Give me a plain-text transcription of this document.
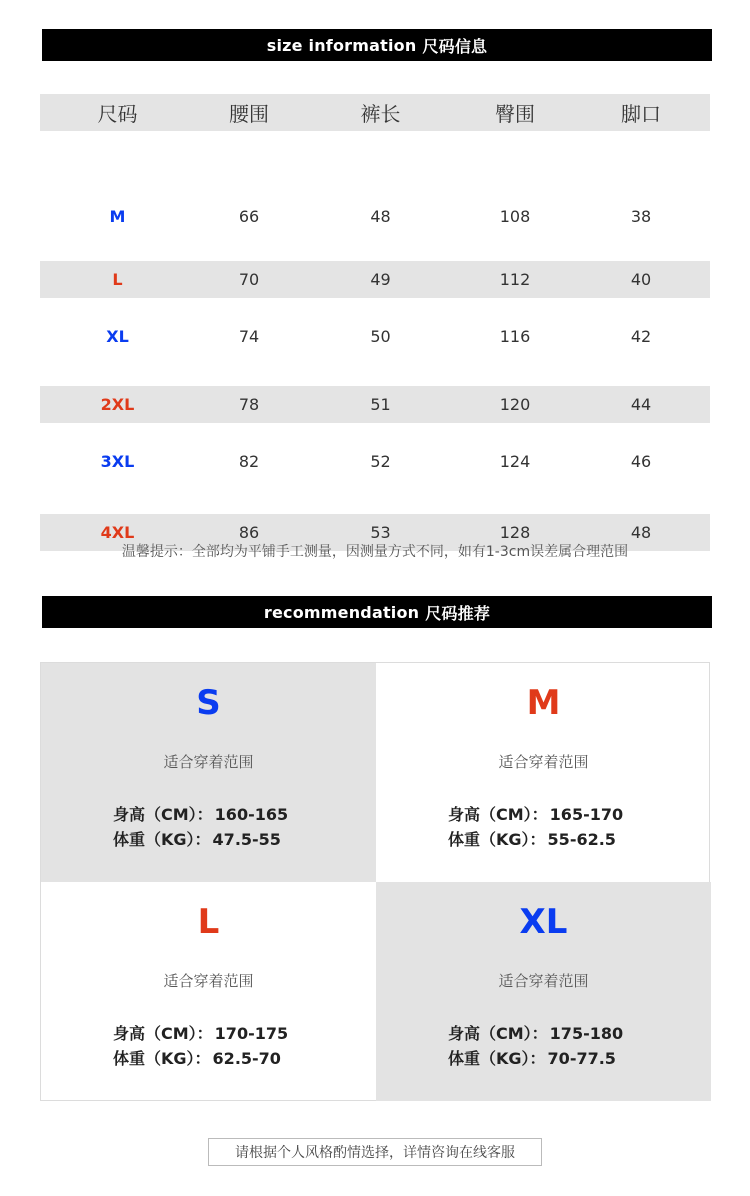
size information 尺码信息
尺码	腰围	裤长	臀围	脚口
M	66	48	108	38
L	70	49	112	40
XL	74	50	116	42
2XL	78	51	120	44
3XL	82	52	124	46
4XL	86	53	128	48
温馨提示：全部均为平铺手工测量，因测量方式不同，如有1-3cm误差属合理范围
recommendation 尺码推荐
S
适合穿着范围
身高（CM）： 160-165
体重（KG）： 47.5-55
M
适合穿着范围
身高（CM）： 165-170
体重（KG）： 55-62.5
L
适合穿着范围
身高（CM）： 170-175
体重（KG）： 62.5-70
XL
适合穿着范围
身高（CM）： 175-180
体重（KG）： 70-77.5
请根据个人风格酌情选择，详情咨询在线客服
